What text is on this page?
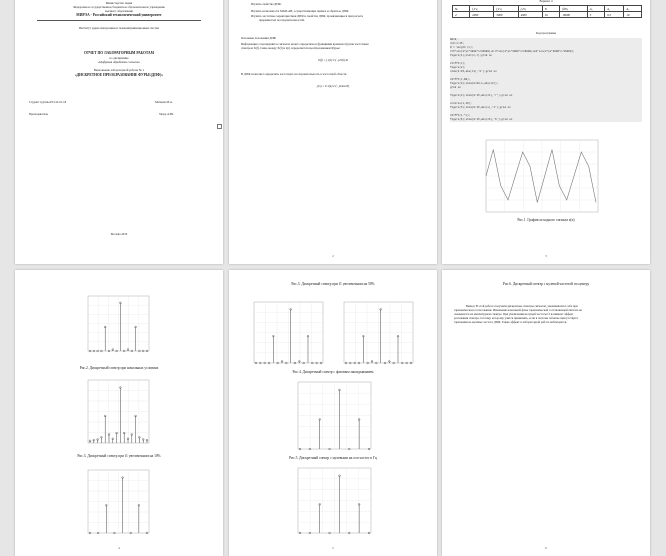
Министерство науки
Федеральное государственное бюджетное образовательное учреждение
высшего образования
МИРЭА - Российский технологический университет
Институт радиоэлектроники и телекоммуникационных систем
ОТЧЕТ ПО ЛАБОРАТОРНЫМ РАБОТАМ
по дисциплине
«Цифровая обработка сигналов»
Выполнение лабораторной работы № 1
«ДИСКРЕТНОЕ ПРЕОБРАЗОВАНИЕ ФУРЬЕ(ДПФ)»
Студент группы РССО-01-18	Матвеев М.А.
Преподаватель	Уваур А.Ю.
Москва 2019
Изучить свойства ДПФ.
Изучить возможности MATLAB, осуществляющие прямое и обратное ДПФ.
Изучить частотные характеристики ДПФ и свойства ДПФ, проявляющиеся при расчете
прерывистых последовательностей.
Основные положения ДПФ
Информация о прошедших в сигналах может определиться функциями времени x(t) или частотным
спектром X(f). Связь между X(f) и x(t) определяется преобразованием Фурье:
X(f) = ∫ x(t)·e^(−j2πft) dt
В ДПФ позволяет определить частотную последовательность в частотной области
y(n) = Σ x(k)·e^(−j2πkn/N)
2
Вариант 4
№	f₁Гц	f₂Гц	f₃Гц	N	fдГц	A₁	A₂	A₃
4	2000	3000	4000	16	16000	5	0,3	10
Код программы
Nd=8;
n=0:1:15;
N = length (n);
z=5*sin(2*pi*2000*n/16000)+0.3*sin(2*pi*3000*n/16000)+10*sin(2*pi*4000*n/16000);
figure(1);plot(n,z);grid on
z1=fft(z);
figure(2);
stem(0:15,abs(z1),'b');grid on
z2=fft(z,Nd);
figure(3);stem(0:Nd-1,abs(z2));
grid on
figure(4);stem(0:15,abs(z1),'r');grid on
x=zeros(1,16);
figure(5);stem(0:15,abs(x),'k');grid on
z3=fft(z.*x);
figure(6);stem(0:15,abs(z3),'b');grid on
Рис.1. График исходного сигнала z(n)
3
Рис.2. Дискретный спектр при начальных условиях
Рис.3. Дискретный спектр при f1 увеличенном на 10%
4
Рис.3. Дискретный спектр при f1 увеличенном на 50%
Рис.4. Дискретный спектр с фазовым запаздыванием
Рис.5. Дискретный спектр с нулевыми на оси частот в Гц
5
Рис.6. Дискретный спектр с нулевой частотой по центру
Вывод: В этой работе получили дискретные спектры сигналов, увеличивали в себе при
гармоническом согласовании. Изменение начальной фазы гармонической составляющей сигнала не
сказывается на амплитудном спектре. При увеличении несущей частоты f1 возникает эффект
растекания спектра, поэтому, которому учится применять, если в системе сигналы присутствуют
гармоники не кратные частоте ДПФ. Также эффект в лабораторной работе наблюдается.
6
